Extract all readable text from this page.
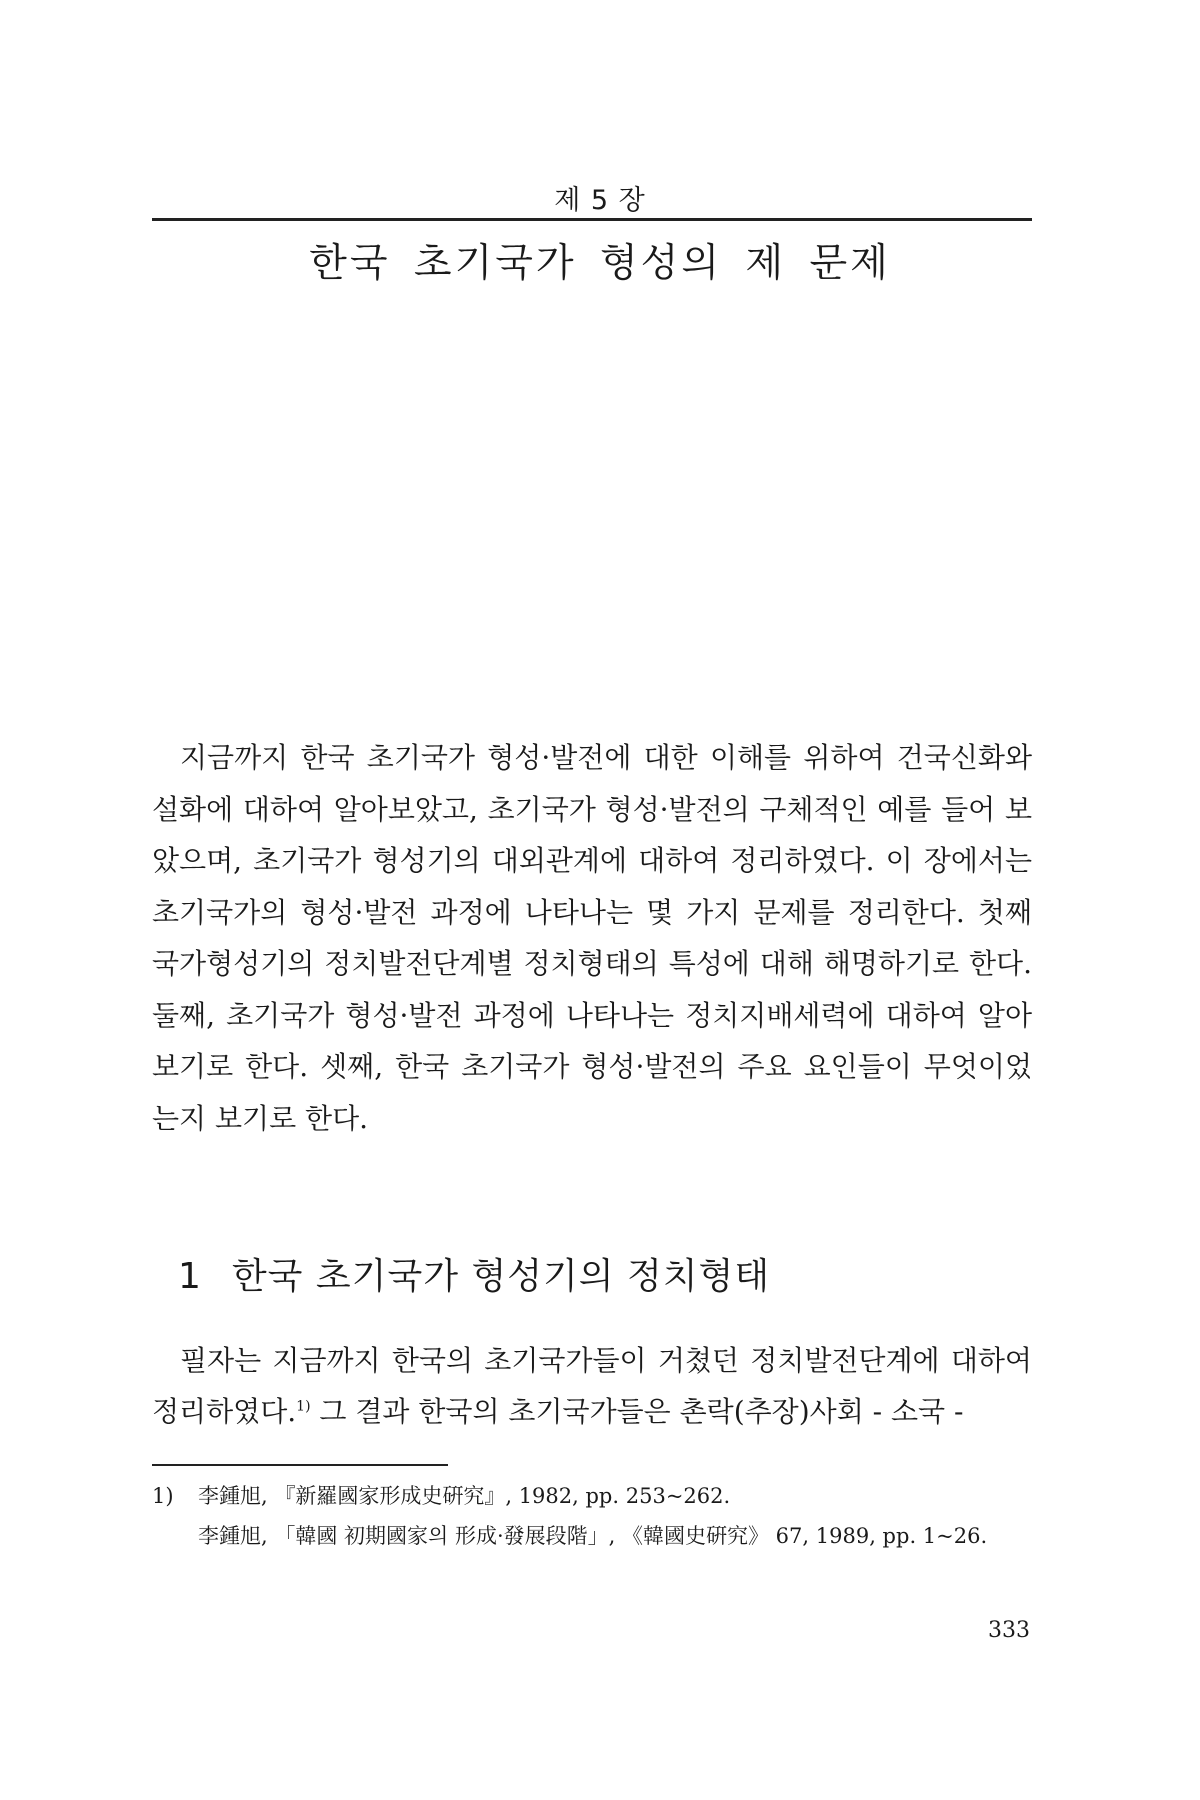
제 5 장
한국 초기국가 형성의 제 문제

지금까지 한국 초기국가 형성·발전에 대한 이해를 위하여 건국신화와 설화에 대하여 알아보았고, 초기국가 형성·발전의 구체적인 예를 들어 보았으며, 초기국가 형성기의 대외관계에 대하여 정리하였다. 이 장에서는 초기국가의 형성·발전 과정에 나타나는 몇 가지 문제를 정리한다. 첫째 국가형성기의 정치발전단계별 정치형태의 특성에 대해 해명하기로 한다. 둘째, 초기국가 형성·발전 과정에 나타나는 정치지배세력에 대하여 알아보기로 한다. 셋째, 한국 초기국가 형성·발전의 주요 요인들이 무엇이었는지 보기로 한다.

1 한국 초기국가 형성기의 정치형태

필자는 지금까지 한국의 초기국가들이 거쳤던 정치발전단계에 대하여 정리하였다.$^{1)}$ 그 결과 한국의 초기국가들은 촌락(추장)사회 - 소국 -

1) 李鍾旭, 『新羅國家形成史硏究』, 1982, pp. 253~262.
李鍾旭, 「韓國 初期國家의 形成·發展段階」, 《韓國史硏究》 67, 1989, pp. 1~26.
333
